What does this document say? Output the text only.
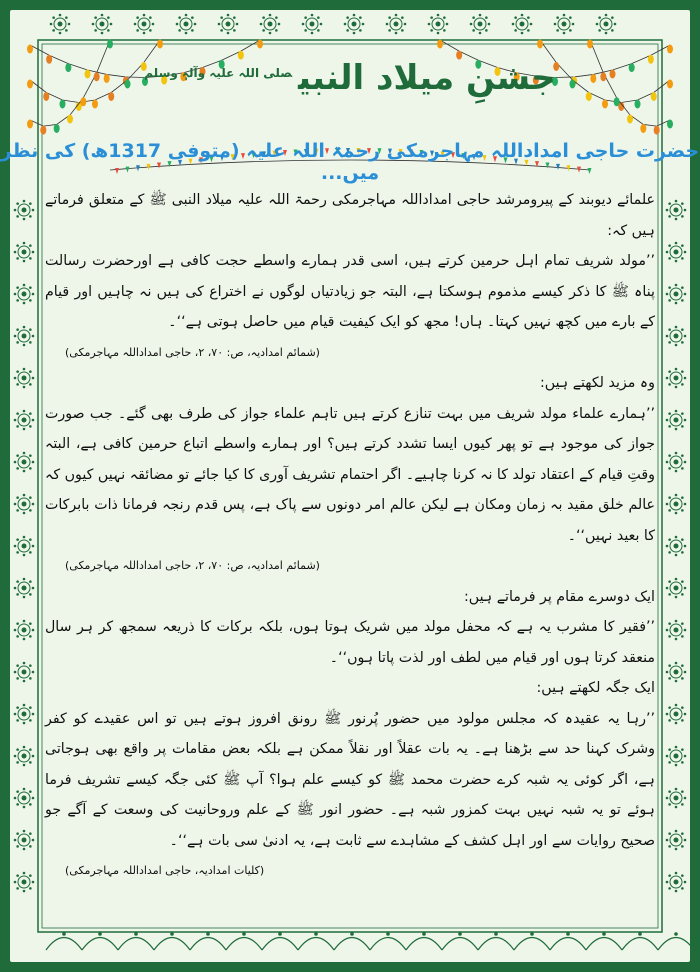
جشنِ میلاد النبی$^{صلی اللہ علیہ وآلہٖ وسلم}$
حضرت حاجی امداداللہ مہاجرمکی رحمۃ اللہ علیہ (متوفی 1317ھ) کی نظر میں...

علمائے دیوبند کے پیرومرشد حاجی امداداللہ مہاجرمکی رحمۃ اللہ علیہ میلاد النبی ﷺ کے متعلق فرماتے ہیں کہ:

’’مولد شریف تمام اہل حرمین کرتے ہیں، اسی قدر ہمارے واسطے حجت کافی ہے اورحضرت رسالت پناہ ﷺ کا ذکر کیسے مذموم ہوسکتا ہے، البتہ جو زیادتیاں لوگوں نے اختراع کی ہیں نہ چاہیں اور قیام کے بارے میں کچھ نہیں کہتا۔ ہاں! مجھ کو ایک کیفیت قیام میں حاصل ہوتی ہے‘‘۔

(شمائم امدادیہ، ص: ۷۰، ۲، حاجی امداداللہ مہاجرمکی)

وہ مزید لکھتے ہیں:

’’ہمارے علماء مولد شریف میں بہت تنازع کرتے ہیں تاہم علماء جواز کی طرف بھی گئے۔ جب صورت جواز کی موجود ہے تو پھر کیوں ایسا تشدد کرتے ہیں؟ اور ہمارے واسطے اتباع حرمین کافی ہے، البتہ وقتِ قیام کے اعتقاد تولد کا نہ کرنا چاہیے۔ اگر احتمام تشریف آوری کا کیا جائے تو مضائقہ نہیں کیوں کہ عالم خلق مقید بہ زمان ومکان ہے لیکن عالم امر دونوں سے پاک ہے، پس قدم رنجہ فرمانا ذات بابرکات کا بعید نہیں‘‘۔

(شمائم امدادیہ، ص: ۷۰، ۲، حاجی امداداللہ مہاجرمکی)

ایک دوسرے مقام پر فرماتے ہیں:

’’فقیر کا مشرب یہ ہے کہ محفل مولد میں شریک ہوتا ہوں، بلکہ برکات کا ذریعہ سمجھ کر ہر سال منعقد کرتا ہوں اور قیام میں لطف اور لذت پاتا ہوں‘‘۔

ایک جگہ لکھتے ہیں:

’’رہا یہ عقیدہ کہ مجلس مولود میں حضور پُرنور ﷺ رونق افروز ہوتے ہیں تو اس عقیدے کو کفر وشرک کہنا حد سے بڑھنا ہے۔ یہ بات عقلاً اور نقلاً ممکن ہے بلکہ بعض مقامات پر واقع بھی ہوجاتی ہے، اگر کوئی یہ شبہ کرے حضرت محمد ﷺ کو کیسے علم ہوا؟ آپ ﷺ کئی جگہ کیسے تشریف فرما ہوئے تو یہ شبہ نہیں بہت کمزور شبہ ہے۔ حضور انور ﷺ کے علم وروحانیت کی وسعت کے آگے جو صحیح روایات سے اور اہل کشف کے مشاہدے سے ثابت ہے، یہ ادنیٰ سی بات ہے‘‘۔

(کلیات امدادیہ، حاجی امداداللہ مہاجرمکی)
